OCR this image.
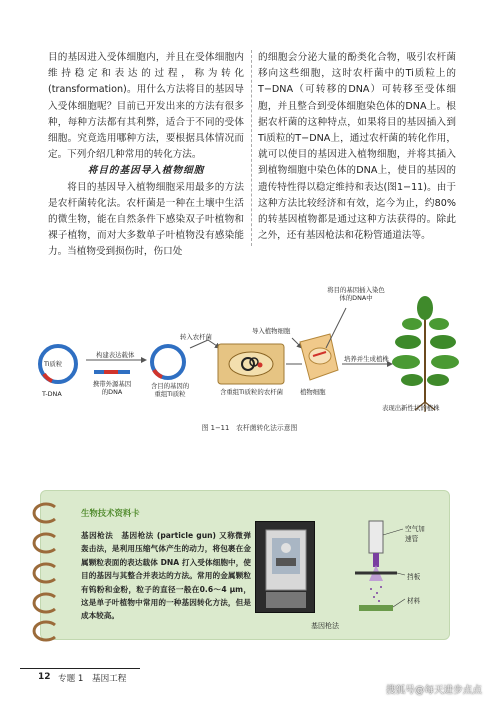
目的基因进入受体细胞内，并且在受体细胞内维持稳定和表达的过程，称为转化(transformation)。用什么方法将目的基因导入受体细胞呢？目前已开发出来的方法有很多种，每种方法都有其利弊，适合于不同的受体细胞。究竟选用哪种方法，要根据具体情况而定。下列介绍几种常用的转化方法。

将目的基因导入植物细胞

将目的基因导入植物细胞采用最多的方法是农杆菌转化法。农杆菌是一种在土壤中生活的微生物，能在自然条件下感染双子叶植物和裸子植物，而对大多数单子叶植物没有感染能力。当植物受到损伤时，伤口处

的细胞会分泌大量的酚类化合物，吸引农杆菌移向这些细胞，这时农杆菌中的Ti质粒上的T−DNA（可转移的DNA）可转移至受体细胞，并且整合到受体细胞染色体的DNA上。根据农杆菌的这种特点，如果将目的基因插入到Ti质粒的T−DNA上，通过农杆菌的转化作用，就可以使目的基因进入植物细胞，并将其插入到植物细胞中染色体的DNA上，使目的基因的遗传特性得以稳定维持和表达(图1−11)。由于这种方法比较经济和有效，迄今为止，约80%的转基因植物都是通过这种方法获得的。除此之外，还有基因枪法和花粉管通道法等。

Ti质粒
T-DNA
携带外源基因的DNA
含目的基因的重组Ti质粒	含重组Ti质粒的农杆菌	植物细胞
表现出新性状的植株
将目的基因插入染色体的DNA中
构建表达载体
转入农杆菌
导入植物细胞
培养并生成植株
图 1−11　农杆菌转化法示意图
生物技术资料卡
基因枪法　基因枪法 (particle gun) 又称微弹轰击法，是利用压缩气体产生的动力，将包裹在金属颗粒表面的表达载体 DNA 打入受体细胞中，使目的基因与其整合并表达的方法。常用的金属颗粒有钨粉和金粉，粒子的直径一般在0.6～4 μm，这是单子叶植物中常用的一种基因转化方法，但是成本较高。
基因枪法
空气加速管
挡板
材料
12 专题 1　基因工程
搜狐号@每天进步点点
